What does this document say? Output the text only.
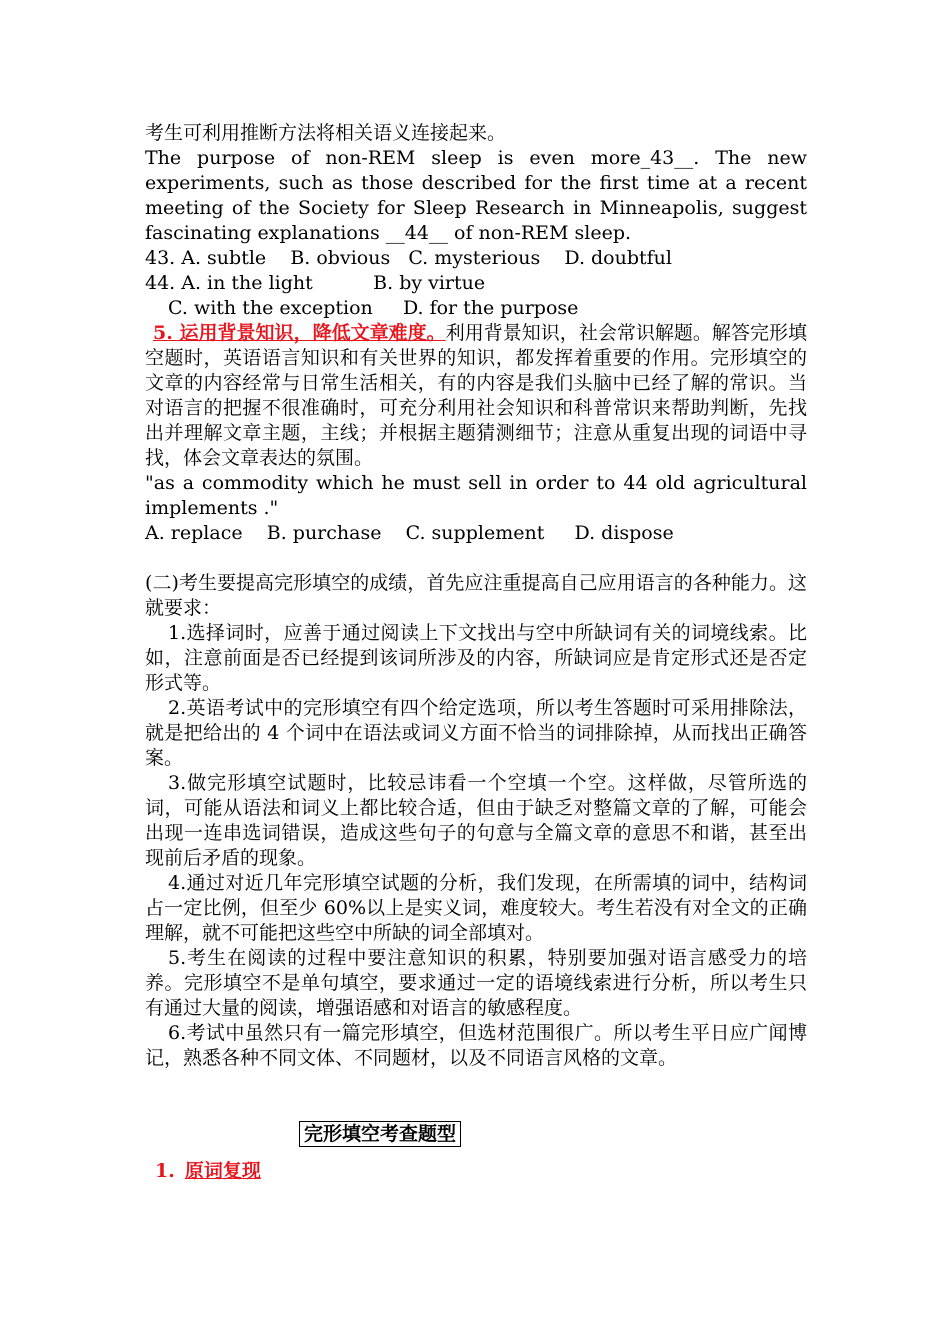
考生可利用推断方法将相关语义连接起来。

The purpose of non-REM sleep is even more_43__. The new

experiments, such as those described for the first time at a recent meeting of the Society for Sleep Research in Minneapolis, suggest fascinating explanations __44__ of non-REM sleep.

43. A. subtle    B. obvious   C. mysterious    D. doubtful

44. A. in the light          B. by virtue

C. with the exception     D. for the purpose

5. 运用背景知识，降低文章难度。利用背景知识，社会常识解题。解答完形填空题时，英语语言知识和有关世界的知识，都发挥着重要的作用。完形填空的文章的内容经常与日常生活相关，有的内容是我们头脑中已经了解的常识。当对语言的把握不很准确时，可充分利用社会知识和科普常识来帮助判断，先找出并理解文章主题，主线；并根据主题猜测细节；注意从重复出现的词语中寻找，体会文章表达的氛围。

"as a commodity which he must sell in order to 44 old agricultural

implements ."

A. replace    B. purchase    C. supplement     D. dispose

(二)考生要提高完形填空的成绩，首先应注重提高自己应用语言的各种能力。这就要求：

1.选择词时，应善于通过阅读上下文找出与空中所缺词有关的词境线索。比如，注意前面是否已经提到该词所涉及的内容，所缺词应是肯定形式还是否定形式等。

2.英语考试中的完形填空有四个给定选项，所以考生答题时可采用排除法，就是把给出的 4 个词中在语法或词义方面不恰当的词排除掉，从而找出正确答案。

3.做完形填空试题时，比较忌讳看一个空填一个空。这样做，尽管所选的词，可能从语法和词义上都比较合适，但由于缺乏对整篇文章的了解，可能会出现一连串选词错误，造成这些句子的句意与全篇文章的意思不和谐，甚至出现前后矛盾的现象。

4.通过对近几年完形填空试题的分析，我们发现，在所需填的词中，结构词占一定比例，但至少 60%以上是实义词，难度较大。考生若没有对全文的正确理解，就不可能把这些空中所缺的词全部填对。

5.考生在阅读的过程中要注意知识的积累，特别要加强对语言感受力的培养。完形填空不是单句填空，要求通过一定的语境线索进行分析，所以考生只有通过大量的阅读，增强语感和对语言的敏感程度。

6.考试中虽然只有一篇完形填空，但选材范围很广。所以考生平日应广闻博记，熟悉各种不同文体、不同题材，以及不同语言风格的文章。

完形填空考查题型
1. 原词复现
